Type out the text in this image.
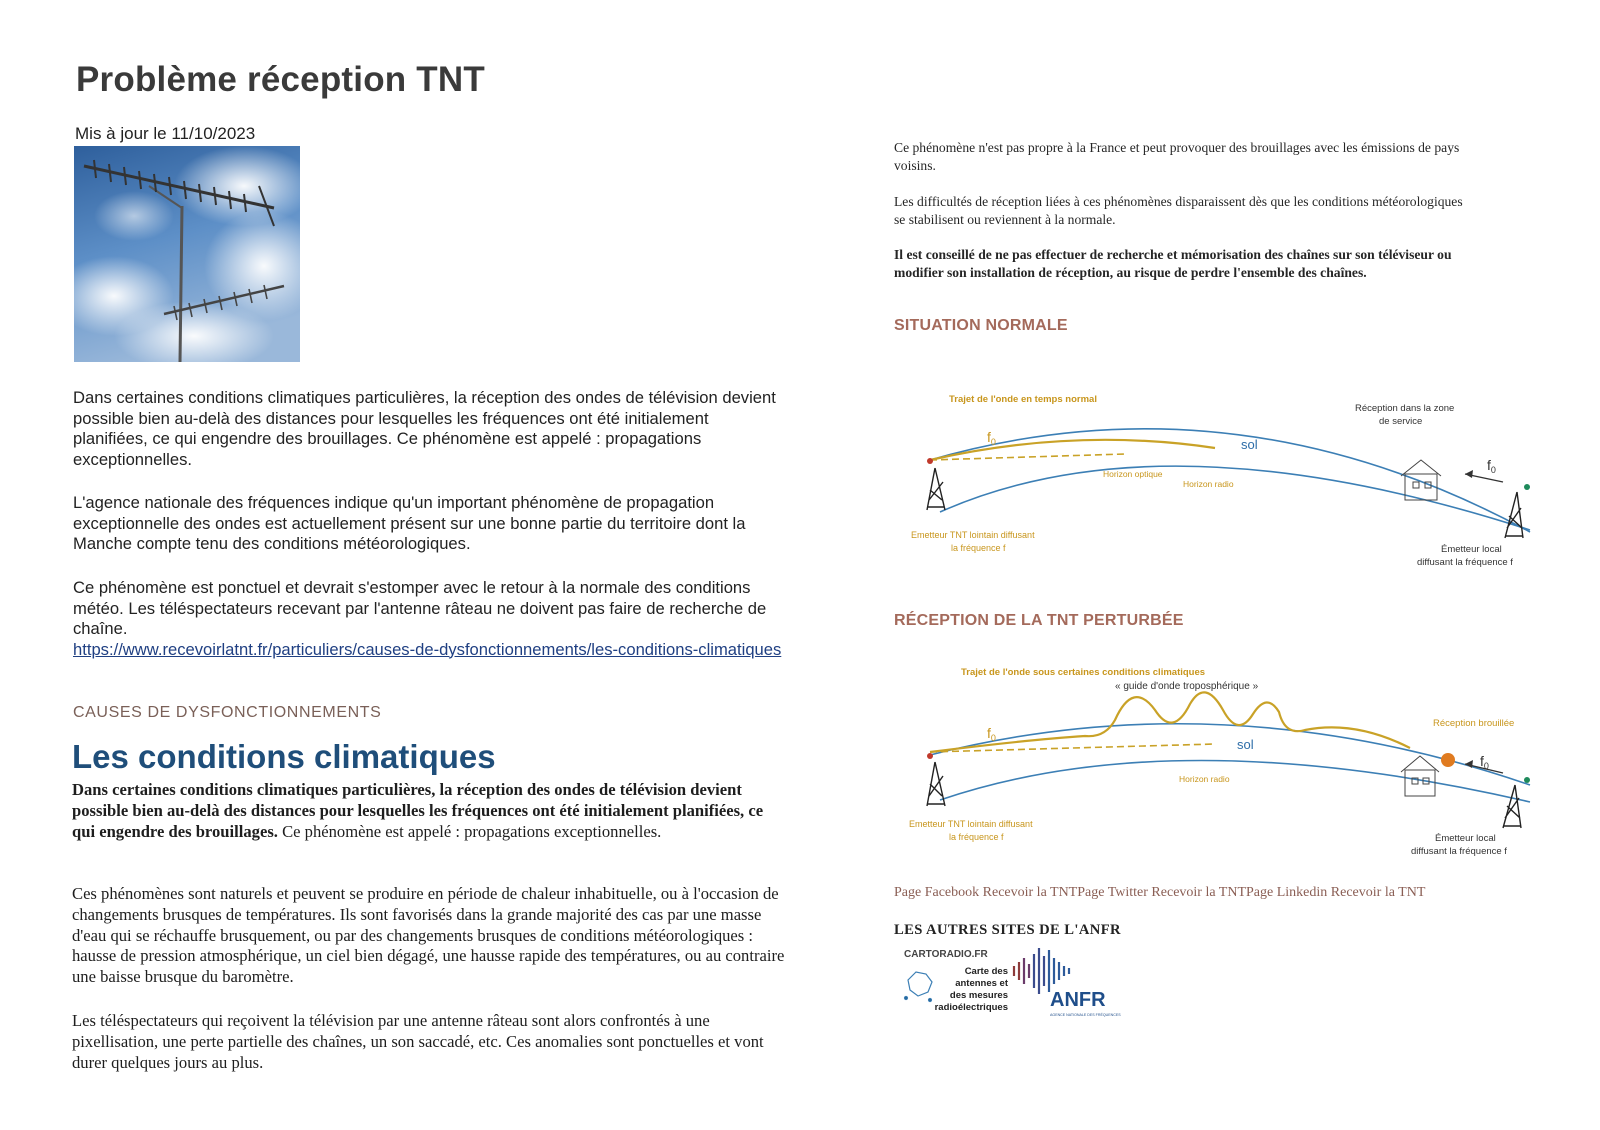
Problème réception TNT
Mis à jour le 11/10/2023

Dans certaines conditions climatiques particulières, la réception des ondes de télévision devient possible bien au-delà des distances pour lesquelles les fréquences ont été initialement planifiées, ce qui engendre des brouillages. Ce phénomène est appelé : propagations exceptionnelles.

L'agence nationale des fréquences indique qu'un important phénomène de propagation exceptionnelle des ondes est actuellement présent sur une bonne partie du territoire dont la Manche compte tenu des conditions météorologiques.

Ce phénomène est ponctuel et devrait s'estomper avec le retour à la normale des conditions météo. Les téléspectateurs recevant par l'antenne râteau ne doivent pas faire de recherche de chaîne.

https://www.recevoirlatnt.fr/particuliers/causes-de-dysfonctionnements/les-conditions-climatiques
CAUSES DE DYSFONCTIONNEMENTS
Les conditions climatiques

Dans certaines conditions climatiques particulières, la réception des ondes de télévision devient possible bien au-delà des distances pour lesquelles les fréquences ont été initialement planifiées, ce qui engendre des brouillages. Ce phénomène est appelé : propagations exceptionnelles.

Ces phénomènes sont naturels et peuvent se produire en période de chaleur inhabituelle, ou à l'occasion de changements brusques de températures. Ils sont favorisés dans la grande majorité des cas par une masse d'eau qui se réchauffe brusquement, ou par des changements brusques de conditions météorologiques : hausse de pression atmosphérique, un ciel bien dégagé, une hausse rapide des températures, ou au contraire une baisse brusque du baromètre.

Les téléspectateurs qui reçoivent la télévision par une antenne râteau sont alors confrontés à une pixellisation, une perte partielle des chaînes, un son saccadé, etc. Ces anomalies sont ponctuelles et vont durer quelques jours au plus.

Ce phénomène n'est pas propre à la France et peut provoquer des brouillages avec les émissions de pays voisins.

Les difficultés de réception liées à ces phénomènes disparaissent dès que les conditions météorologiques se stabilisent ou reviennent à la normale.

Il est conseillé de ne pas effectuer de recherche et mémorisation des chaînes sur son téléviseur ou modifier son installation de réception, au risque de perdre l'ensemble des chaînes.

SITUATION NORMALE
Trajet de l'onde en temps normal
Réception dans la zone
de service
$f_0$
$f_0$
sol
Horizon optique
Horizon radio
Emetteur TNT lointain diffusant
la fréquence f	Émetteur local
diffusant la fréquence f
RÉCEPTION DE LA TNT PERTURBÉE
Trajet de l'onde sous certaines conditions climatiques
« guide d'onde troposphérique »
Réception brouillée
$f_0$
$f_0$
sol
Horizon radio
Emetteur TNT lointain diffusant
la fréquence f	Émetteur local
diffusant la fréquence f
Page Facebook Recevoir la TNTPage Twitter Recevoir la TNTPage Linkedin Recevoir la TNT
LES AUTRES SITES DE L'ANFR
CARTORADIO.FR
Carte des
antennes et
des mesures
radioélectriques ANFR
AGENCE NATIONALE DES FRÉQUENCES
